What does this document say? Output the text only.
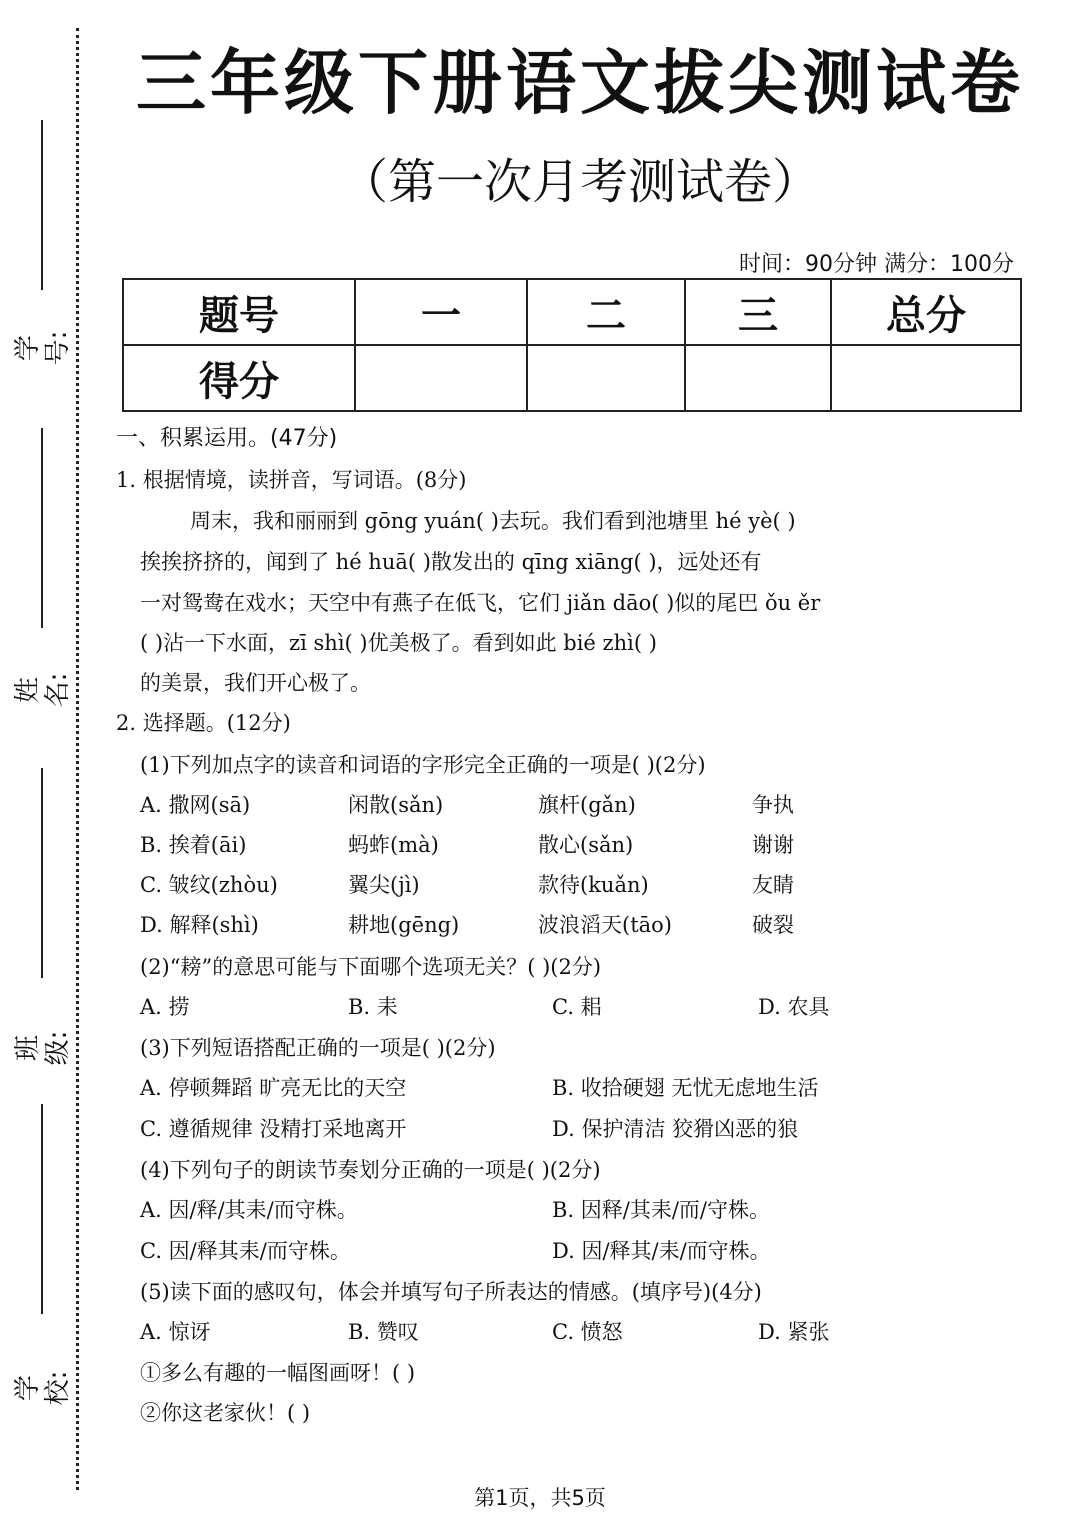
学号:
姓名:
班级:
学校:
三年级下册语文拔尖测试卷
（第一次月考测试卷）
时间：90分钟 满分：100分
题号	一	二	三	总分
得分				
一、积累运用。(47分)
1. 根据情境，读拼音，写词语。(8分)
周末，我和丽丽到 gōng yuán( )去玩。我们看到池塘里 hé yè( )
挨挨挤挤的，闻到了 hé huā( )散发出的 qīng xiāng( )，远处还有
一对鸳鸯在戏水；天空中有燕子在低飞，它们 jiǎn dāo( )似的尾巴 ǒu ěr
( )沾一下水面，zī shì( )优美极了。看到如此 bié zhì( )
的美景，我们开心极了。
2. 选择题。(12分)
(1)下列加点字的读音和词语的字形完全正确的一项是( )(2分)
A. 撒网(sā)	闲散(sǎn)	旗杆(gǎn)	争执
B. 挨着(āi)	蚂蚱(mà)	散心(sǎn)	谢谢
C. 皱纹(zhòu)	翼尖(jì)	款待(kuǎn)	友睛
D. 解释(shì)	耕地(gēng)	波浪滔天(tāo)	破裂
(2)“耪”的意思可能与下面哪个选项无关？( )(2分)
A. 捞	B. 耒	C. 耜	D. 农具
(3)下列短语搭配正确的一项是( )(2分)
A. 停顿舞蹈 旷亮无比的天空	B. 收拾硬翅 无忧无虑地生活
C. 遵循规律 没精打采地离开	D. 保护清洁 狡猾凶恶的狼
(4)下列句子的朗读节奏划分正确的一项是( )(2分)
A. 因/释/其耒/而守株。	B. 因释/其耒/而/守株。
C. 因/释其耒/而守株。	D. 因/释其/耒/而守株。
(5)读下面的感叹句，体会并填写句子所表达的情感。(填序号)(4分)
A. 惊讶	B. 赞叹	C. 愤怒	D. 紧张
①多么有趣的一幅图画呀！( )
②你这老家伙！( )
第1页，共5页
